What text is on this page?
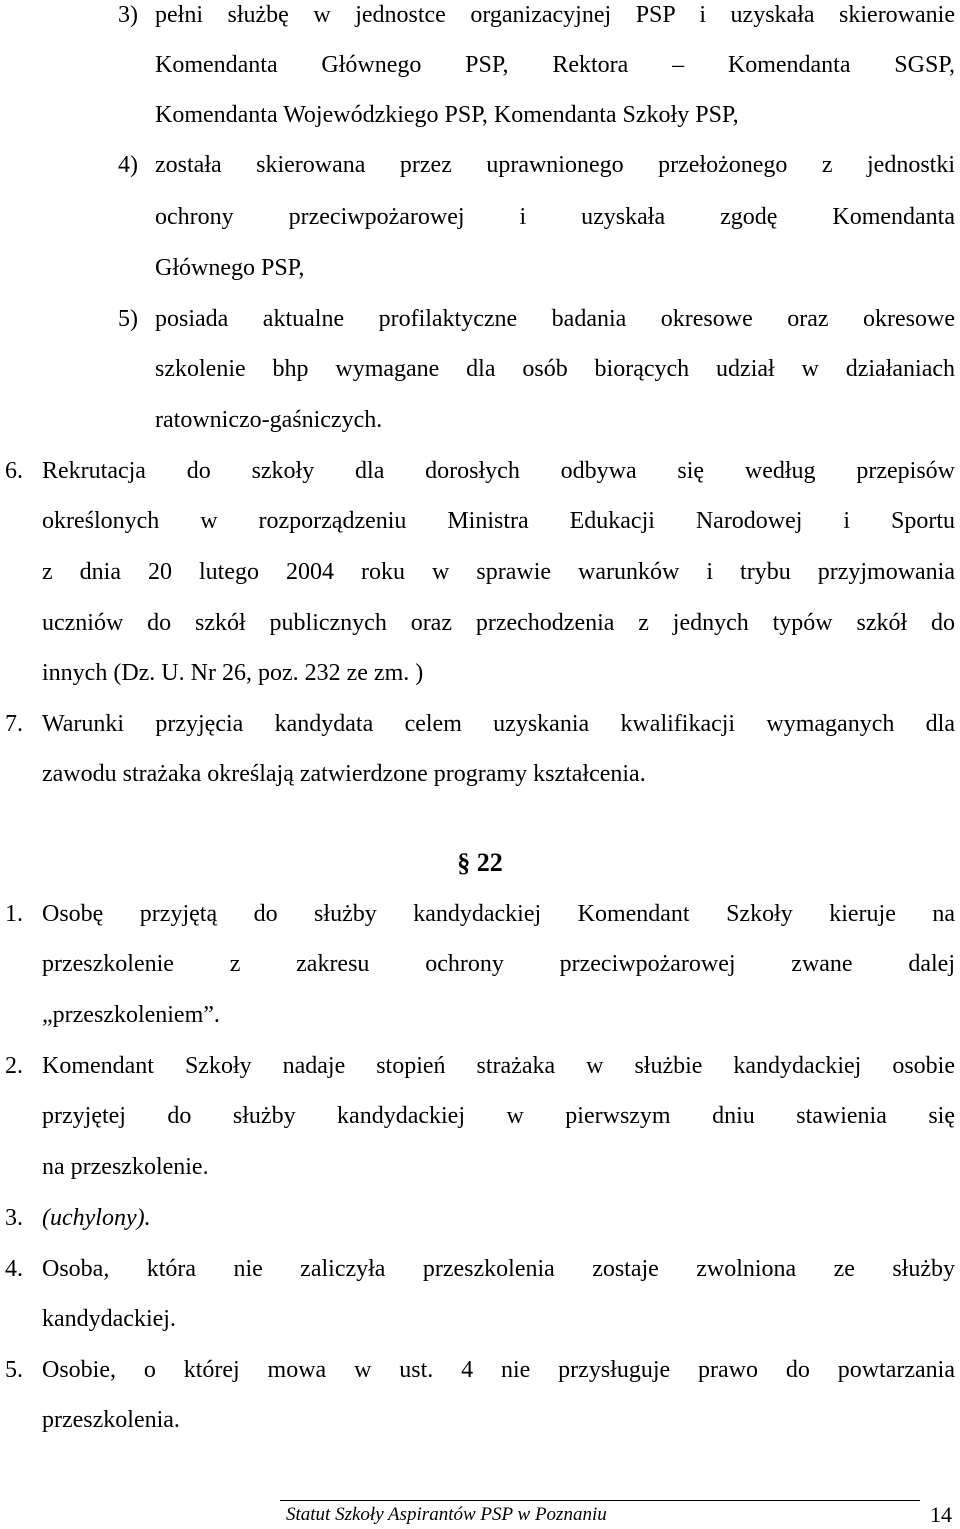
3) pełni służbę w jednostce organizacyjnej PSP i uzyskała skierowanie
Komendanta Głównego PSP, Rektora – Komendanta SGSP,
Komendanta Wojewódzkiego PSP, Komendanta Szkoły PSP,
4) została skierowana przez uprawnionego przełożonego z jednostki
ochrony przeciwpożarowej i uzyskała zgodę Komendanta
Głównego PSP,
5) posiada aktualne profilaktyczne badania okresowe oraz okresowe
szkolenie bhp wymagane dla osób biorących udział w działaniach
ratowniczo-gaśniczych.
6. Rekrutacja do szkoły dla dorosłych odbywa się według przepisów
określonych w rozporządzeniu Ministra Edukacji Narodowej i Sportu
z dnia 20 lutego 2004 roku w sprawie warunków i trybu przyjmowania
uczniów do szkół publicznych oraz przechodzenia z jednych typów szkół do
innych (Dz. U. Nr 26, poz. 232 ze zm. )
7. Warunki przyjęcia kandydata celem uzyskania kwalifikacji wymaganych dla
zawodu strażaka określają zatwierdzone programy kształcenia.
§ 22
1. Osobę przyjętą do służby kandydackiej Komendant Szkoły kieruje na
przeszkolenie z zakresu ochrony przeciwpożarowej zwane dalej
„przeszkoleniem”.
2. Komendant Szkoły nadaje stopień strażaka w służbie kandydackiej osobie
przyjętej do służby kandydackiej w pierwszym dniu stawienia się
na przeszkolenie.
3. (uchylony).
4. Osoba, która nie zaliczyła przeszkolenia zostaje zwolniona ze służby
kandydackiej.
5. Osobie, o której mowa w ust. 4 nie przysługuje prawo do powtarzania
przeszkolenia.
Statut Szkoły Aspirantów PSP w Poznaniu	14
